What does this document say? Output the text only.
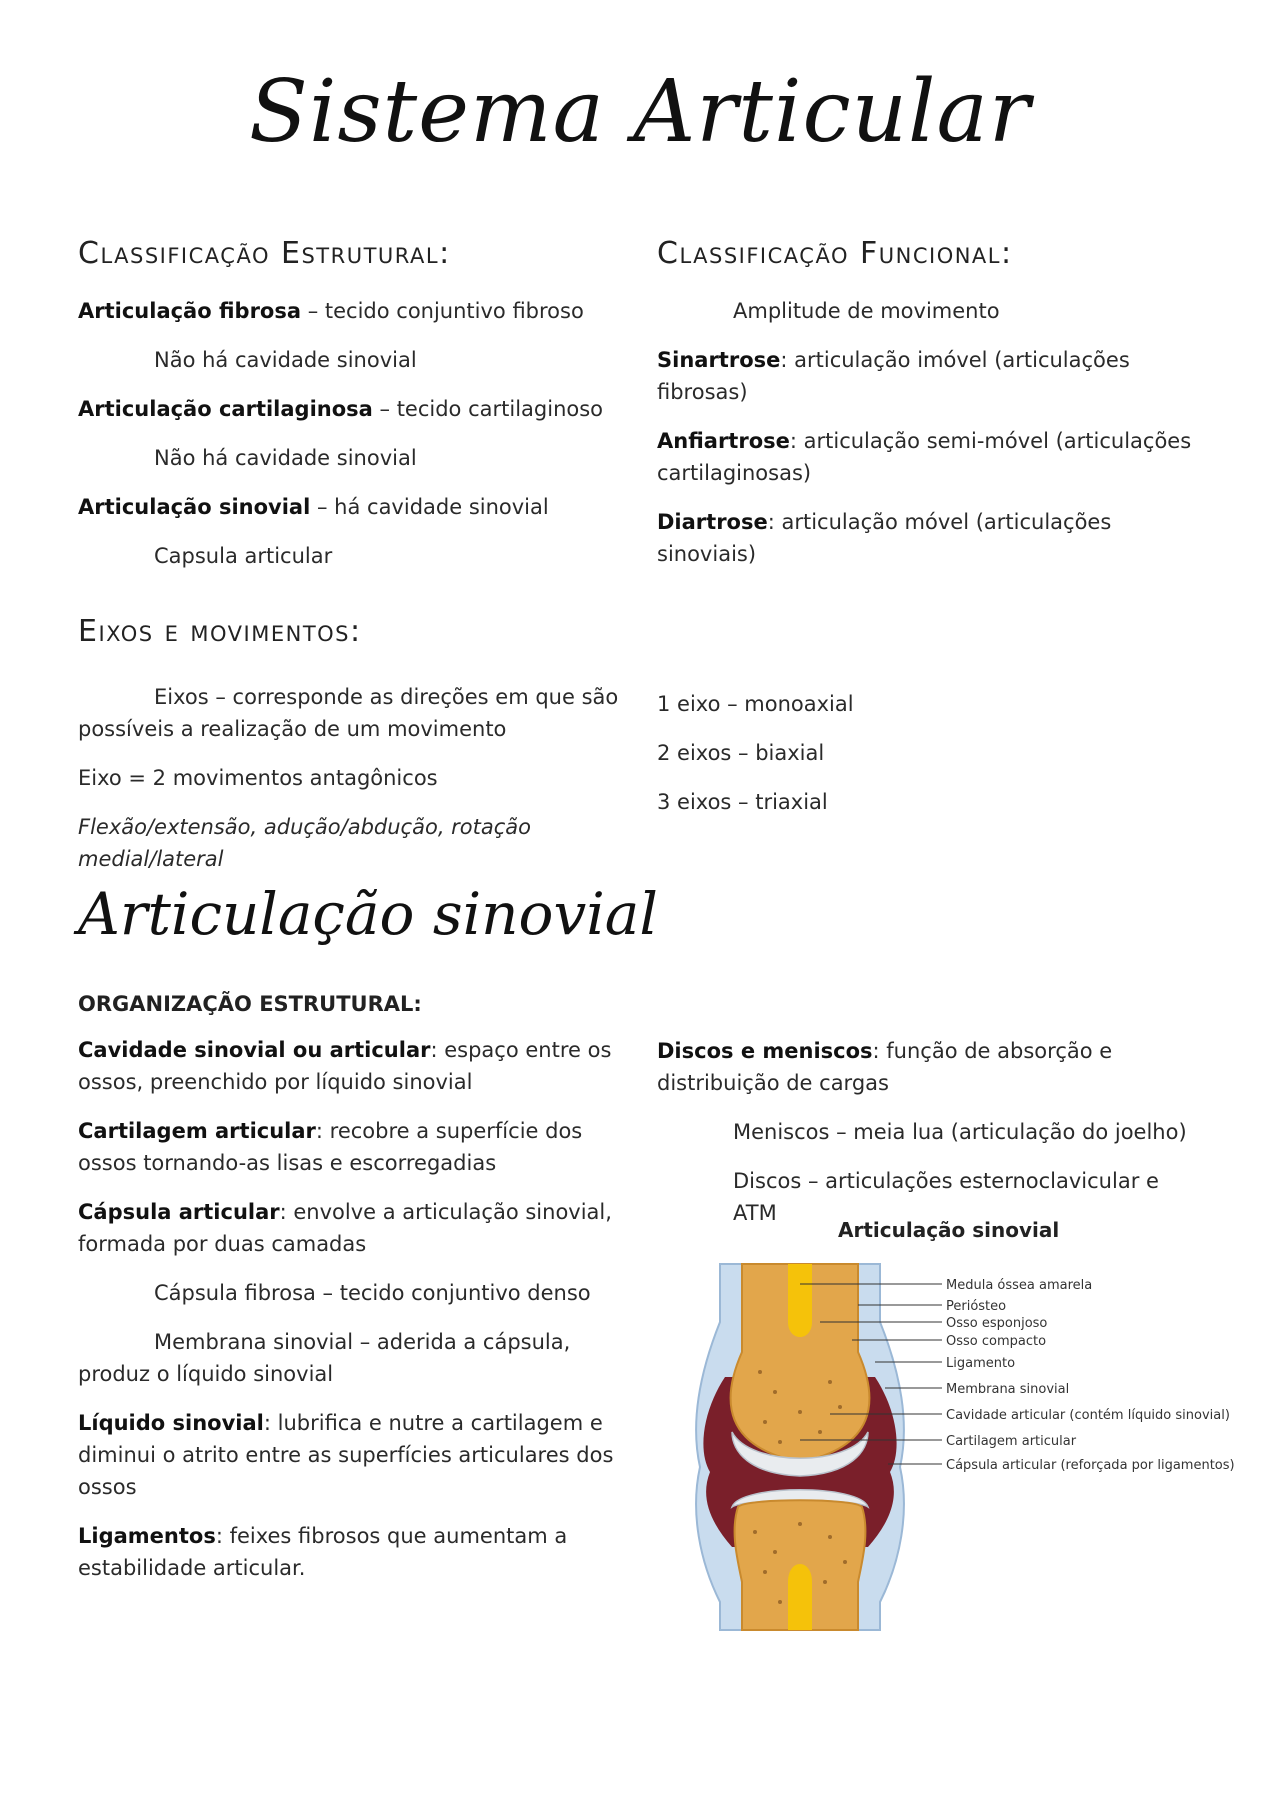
Sistema Articular
Classificação Estrutural:
Articulação fibrosa – tecido conjuntivo fibroso
Não há cavidade sinovial
Articulação cartilaginosa – tecido cartilaginoso
Não há cavidade sinovial
Articulação sinovial – há cavidade sinovial
Capsula articular
Classificação Funcional:
Amplitude de movimento
Sinartrose: articulação imóvel (articulações fibrosas)
Anfiartrose: articulação semi-móvel (articulações cartilaginosas)
Diartrose: articulação móvel (articulações sinoviais)
Eixos e movimentos:
Eixos – corresponde as direções em que são possíveis a realização de um movimento
Eixo = 2 movimentos antagônicos
Flexão/extensão, adução/abdução, rotação medial/lateral
1 eixo – monoaxial
2 eixos – biaxial
3 eixos – triaxial
Articulação sinovial
ORGANIZAÇÃO ESTRUTURAL:
Cavidade sinovial ou articular: espaço entre os ossos, preenchido por líquido sinovial
Cartilagem articular: recobre a superfície dos ossos tornando-as lisas e escorregadias
Cápsula articular: envolve a articulação sinovial, formada por duas camadas
Cápsula fibrosa – tecido conjuntivo denso
Membrana sinovial – aderida a cápsula, produz o líquido sinovial
Líquido sinovial: lubrifica e nutre a cartilagem e diminui o atrito entre as superfícies articulares dos ossos
Ligamentos: feixes fibrosos que aumentam a estabilidade articular.
Discos e meniscos: função de absorção e distribuição de cargas
Meniscos – meia lua (articulação do joelho)
Discos – articulações esternoclavicular e ATM
Articulação sinovial
Medula óssea amarela
Periósteo
Osso esponjoso
Osso compacto
Ligamento
Membrana sinovial
Cavidade articular (contém líquido sinovial)
Cartilagem articular
Cápsula articular (reforçada por ligamentos)
